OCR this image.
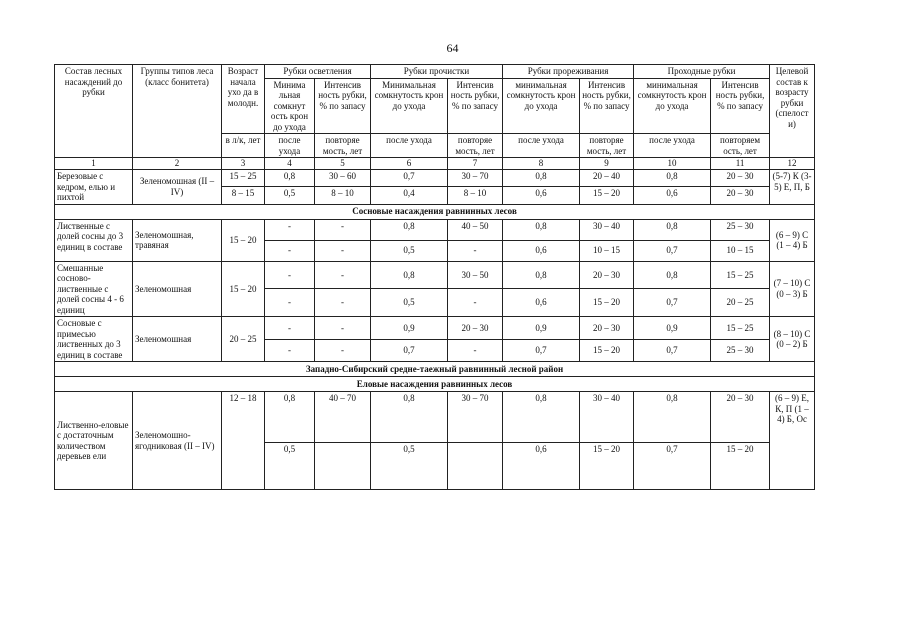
64
Состав лесных насаждений до рубки	Группы типов леса (класс бонитета)	Возраст начала ухо да в молодн.	Рубки осветления		Рубки прочистки		Рубки прореживания		Проходные рубки		Целевой состав к возрасту рубки (спелост и)
			Минима льная сомкнут ость крон до ухода	Интенсив ность рубки, % по запасу	Минимальная сомкнутость крон до ухода	Интенсив ность рубки, % по запасу	минимальная сомкнутость крон до ухода	Интенсив ность рубки, % по запасу	минимальная сомкнутость крон до ухода	Интенсив ность рубки, % по запасу	
		в л/к, лет	после ухода	повторяе мость, лет	после ухода	повторяе мость, лет	после ухода	повторяе мость, лет	после ухода	повторяем ость, лет	
1	2	3	4	5	6	7	8	9	10	11	12
Березовые с кедром, елью и пихтой	Зеленомошная (II – IV)	15 – 25	0,8	30 – 60	0,7	30 – 70	0,8	20 – 40	0,8	20 – 30	(5-7) К (3-5) Е, П, Б
		8 – 15	0,5	8 – 10	0,4	8 – 10	0,6	15 – 20	0,6	20 – 30	
Сосновые насаждения равнинных лесов											
Лиственные с долей сосны до 3 единиц в составе	Зеленомошная, травяная	15 – 20	-	-	0,8	40 – 50	0,8	30 – 40	0,8	25 – 30	(6 – 9) С (1 – 4) Б
			-	-	0,5	-	0,6	10 – 15	0,7	10 – 15	
Смешанные сосново-лиственные с долей сосны 4 - 6 единиц	Зеленомошная	15 – 20	-	-	0,8	30 – 50	0,8	20 – 30	0,8	15 – 25	(7 – 10) С (0 – 3) Б
			-	-	0,5	-	0,6	15 – 20	0,7	20 – 25	
Сосновые с примесью лиственных до 3 единиц в составе	Зеленомошная	20 – 25	-	-	0,9	20 – 30	0,9	20 – 30	0,9	15 – 25	(8 – 10) С (0 – 2) Б
			-	-	0,7	-	0,7	15 – 20	0,7	25 – 30	
Западно-Сибирский средне-таежный равнинный лесной район											
Еловые насаждения равнинных лесов											
Лиственно-еловые с достаточным количеством деревьев ели	Зеленомошно-ягодниковая (II – IV)	12 – 18	0,8	40 – 70	0,8	30 – 70	0,8	30 – 40	0,8	20 – 30	(6 – 9) Е, К, П (1 – 4) Б, Ос
			0,5		0,5		0,6	15 – 20	0,7	15 – 20	
